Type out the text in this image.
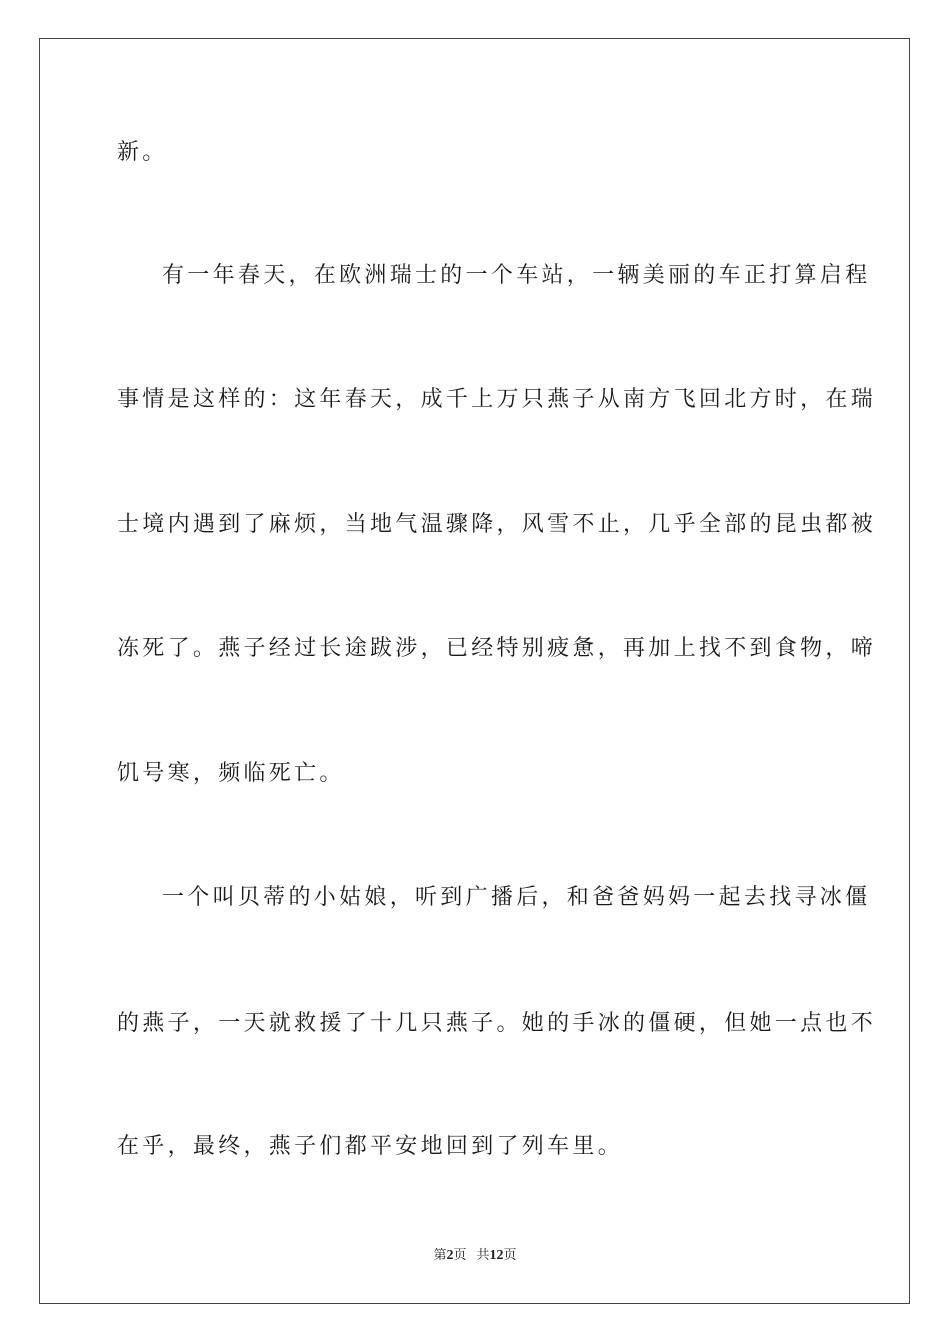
新。

有一年春天，在欧洲瑞士的一个车站，一辆美丽的车正打算启程

事情是这样的：这年春天，成千上万只燕子从南方飞回北方时，在瑞

士境内遇到了麻烦，当地气温骤降，风雪不止，几乎全部的昆虫都被

冻死了。燕子经过长途跋涉，已经特别疲惫，再加上找不到食物，啼

饥号寒，频临死亡。

一个叫贝蒂的小姑娘，听到广播后，和爸爸妈妈一起去找寻冰僵

的燕子，一天就救援了十几只燕子。她的手冰的僵硬，但她一点也不

在乎，最终，燕子们都平安地回到了列车里。

第2页 共12页
